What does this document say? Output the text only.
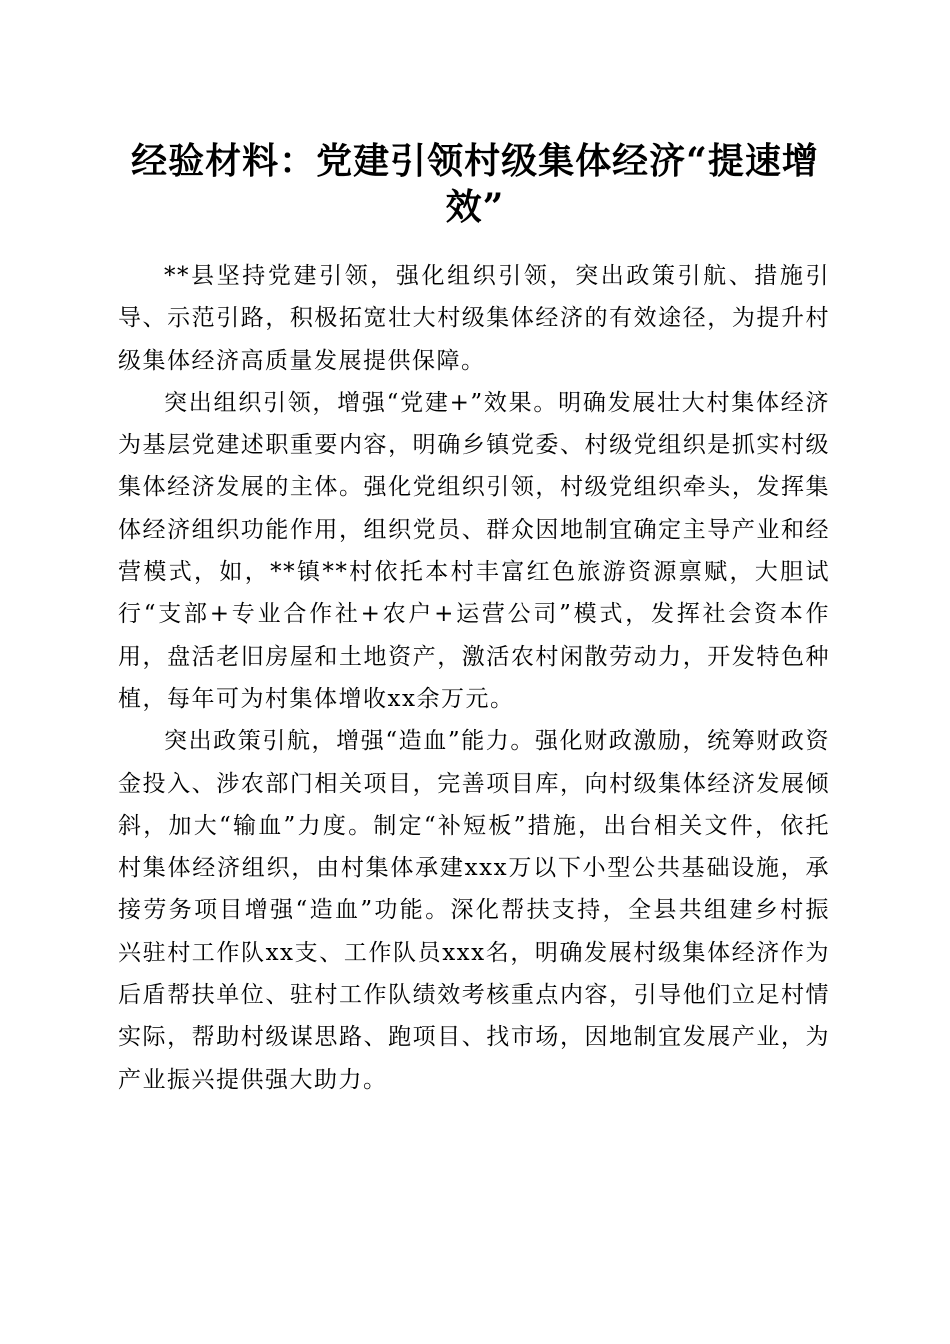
经验材料：党建引领村级集体经济“提速增效”

**县坚持党建引领，强化组织引领，突出政策引航、措施引导、示范引路，积极拓宽壮大村级集体经济的有效途径，为提升村级集体经济高质量发展提供保障。

突出组织引领，增强“党建+”效果。明确发展壮大村集体经济为基层党建述职重要内容，明确乡镇党委、村级党组织是抓实村级集体经济发展的主体。强化党组织引领，村级党组织牵头，发挥集体经济组织功能作用，组织党员、群众因地制宜确定主导产业和经营模式，如，**镇**村依托本村丰富红色旅游资源禀赋，大胆试行“支部+专业合作社+农户+运营公司”模式，发挥社会资本作用，盘活老旧房屋和土地资产，激活农村闲散劳动力，开发特色种植，每年可为村集体增收xx余万元。

突出政策引航，增强“造血”能力。强化财政激励，统筹财政资金投入、涉农部门相关项目，完善项目库，向村级集体经济发展倾斜，加大“输血”力度。制定“补短板”措施，出台相关文件，依托村集体经济组织，由村集体承建xxx万以下小型公共基础设施，承接劳务项目增强“造血”功能。深化帮扶支持，全县共组建乡村振兴驻村工作队xx支、工作队员xxx名，明确发展村级集体经济作为后盾帮扶单位、驻村工作队绩效考核重点内容，引导他们立足村情实际，帮助村级谋思路、跑项目、找市场，因地制宜发展产业，为产业振兴提供强大助力。
